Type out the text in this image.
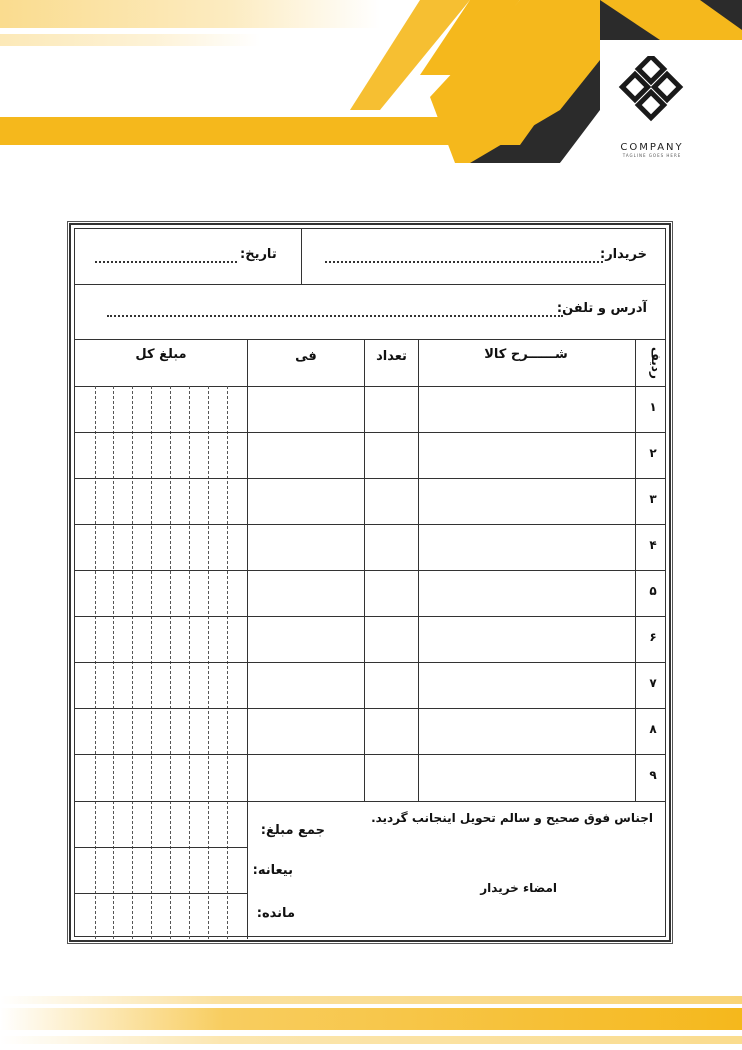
COMPANY
TAGLINE GOES HERE
خریدار:
تاریخ:
آدرس و تلفن:
ردیف
شــــــرح کالا
تعداد
فی
مبلغ کل
۱
۲
۳
۴
۵
۶
۷
۸
۹
اجناس فوق صحیح و سالم تحویل اینجانب گردید.
جمع مبلغ:
بیعانه:
مانده:
امضاء خریدار
